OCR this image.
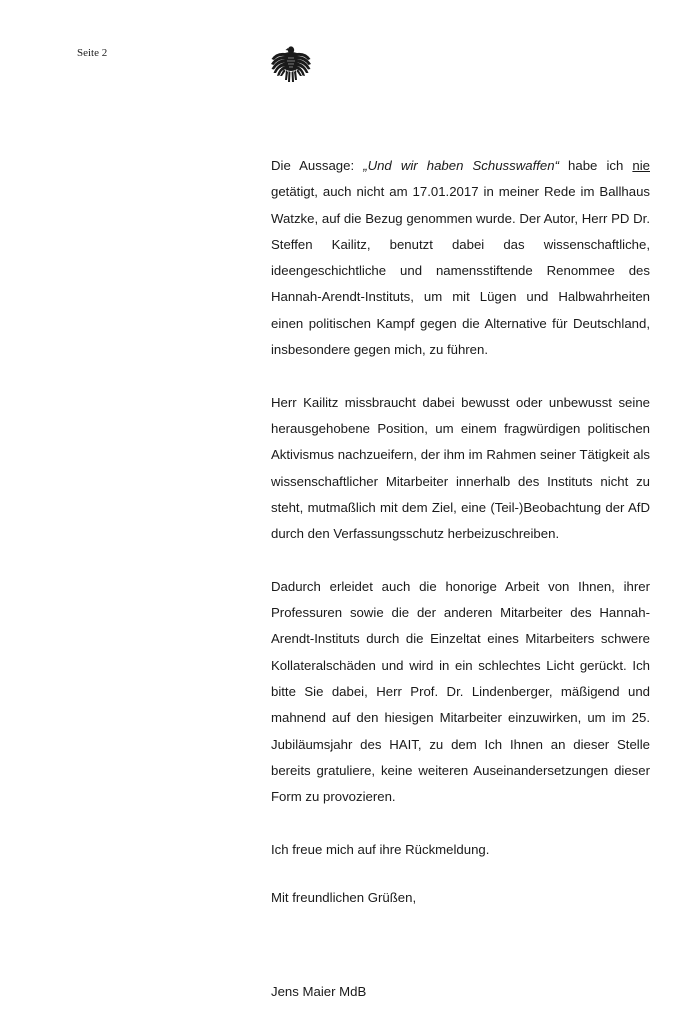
Seite 2

Die Aussage: „Und wir haben Schusswaffen“ habe ich nie getätigt, auch nicht am 17.01.2017 in meiner Rede im Ballhaus Watzke, auf die Bezug genommen wurde. Der Autor, Herr PD Dr. Steffen Kailitz, benutzt dabei das wissenschaftliche, ideengeschichtliche und namensstiftende Renommee des Hannah-Arendt-Instituts, um mit Lügen und Halbwahrheiten einen politischen Kampf gegen die Alternative für Deutschland, insbesondere gegen mich, zu führen.

Herr Kailitz missbraucht dabei bewusst oder unbewusst seine herausgehobene Position, um einem fragwürdigen politischen Aktivismus nachzueifern, der ihm im Rahmen seiner Tätigkeit als wissenschaftlicher Mitarbeiter innerhalb des Instituts nicht zu steht, mutmaßlich mit dem Ziel, eine (Teil-)Beobachtung der AfD durch den Verfassungsschutz herbeizuschreiben.

Dadurch erleidet auch die honorige Arbeit von Ihnen, ihrer Professuren sowie die der anderen Mitarbeiter des Hannah-Arendt-Instituts durch die Einzeltat eines Mitarbeiters schwere Kollateralschäden und wird in ein schlechtes Licht gerückt. Ich bitte Sie dabei, Herr Prof. Dr. Lindenberger, mäßigend und mahnend auf den hiesigen Mitarbeiter einzuwirken, um im 25. Jubiläumsjahr des HAIT, zu dem Ich Ihnen an dieser Stelle bereits gratuliere, keine weiteren Auseinandersetzungen dieser Form zu provozieren.

Ich freue mich auf ihre Rückmeldung.

Mit freundlichen Grüßen,

Jens Maier MdB
